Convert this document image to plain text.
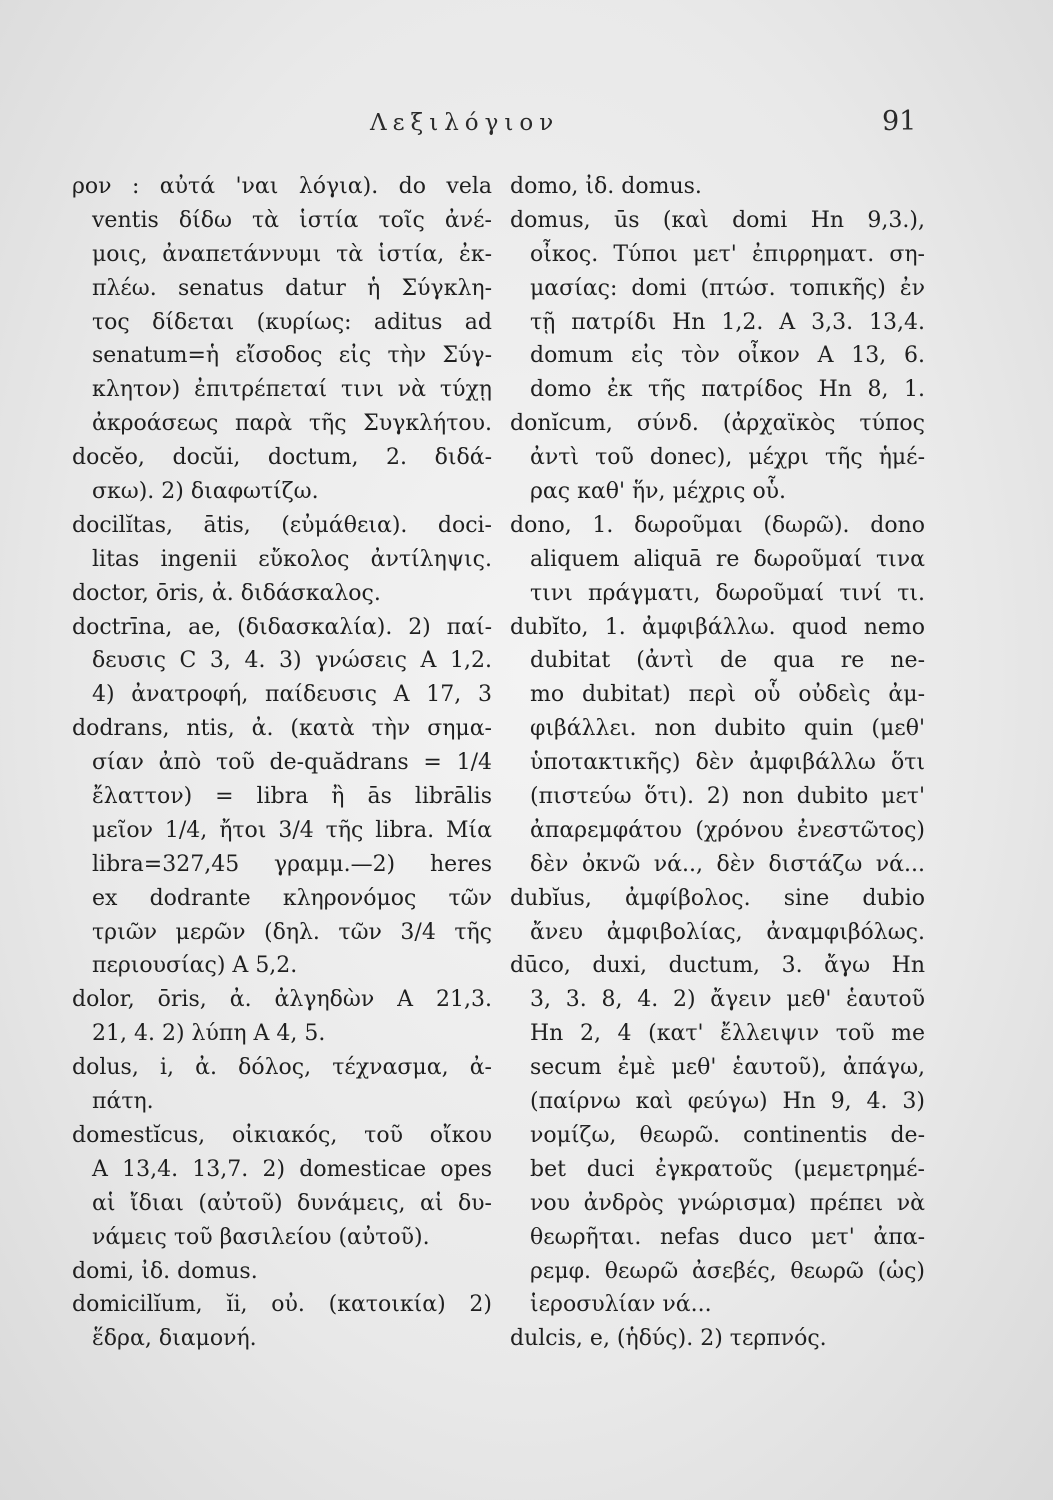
Λεξιλόγιον	91
ρον : αὐτά 'ναι λόγια). do vela
ventis δίδω τὰ ἱστία τοῖς ἀνέ-
μοις, ἀναπετάννυμι τὰ ἱστία, ἐκ-
πλέω. senatus datur ἡ Σύγκλη-
τος δίδεται (κυρίως: aditus ad
senatum=ἡ εἴσοδος εἰς τὴν Σύγ-
κλητον) ἐπιτρέπεταί τινι νὰ τύχῃ
ἀκροάσεως παρὰ τῆς Συγκλήτου.
docĕo, docŭi, doctum, 2. διδά-
σκω). 2) διαφωτίζω.
docilĭtas, ātis, (εὐμάθεια). doci-
litas ingenii εὔκολος ἀντίληψις.
doctor, ōris, ἀ. διδάσκαλος.
doctrīna, ae, (διδασκαλία). 2) παί-
δευσις C 3, 4. 3) γνώσεις A 1,2.
4) ἀνατροφή, παίδευσις A 17, 3
dodrans, ntis, ἀ. (κατὰ τὴν σημα-
σίαν ἀπὸ τοῦ de-quădrans = 1/4
ἔλαττον) = libra ἢ ās librālis
μεῖον 1/4, ἤτοι 3/4 τῆς libra. Μία
libra=327,45 γραμμ.—2) heres
ex dodrante κληρονόμος τῶν
τριῶν μερῶν (δηλ. τῶν 3/4 τῆς
περιουσίας) A 5,2.
dolor, ōris, ἀ. ἀλγηδὼν A 21,3.
21, 4. 2) λύπη A 4, 5.
dolus, i, ἀ. δόλος, τέχνασμα, ἀ-
πάτη.
domestĭcus, οἰκιακός, τοῦ οἴκου
A 13,4. 13,7. 2) domesticae opes
αἱ ἴδιαι (αὐτοῦ) δυνάμεις, αἱ δυ-
νάμεις τοῦ βασιλείου (αὐτοῦ).
domi, ἰδ. domus.
domicilĭum, ĭi, οὐ. (κατοικία) 2)
ἕδρα, διαμονή.
domo, ἰδ. domus.
domus, ūs (καὶ domi Hn 9,3.),
οἶκος. Τύποι μετ' ἐπιρρηματ. ση-
μασίας: domi (πτώσ. τοπικῆς) ἐν
τῇ πατρίδι Hn 1,2. A 3,3. 13,4.
domum εἰς τὸν οἶκον A 13, 6.
domo ἐκ τῆς πατρίδος Hn 8, 1.
donĭcum, σύνδ. (ἀρχαϊκὸς τύπος
ἀντὶ τοῦ donec), μέχρι τῆς ἡμέ-
ρας καθ' ἥν, μέχρις οὗ.
dono, 1. δωροῦμαι (δωρῶ). dono
aliquem aliquā re δωροῦμαί τινα
τινι πράγματι, δωροῦμαί τινί τι.
dubĭto, 1. ἀμφιβάλλω. quod nemo
dubitat (ἀντὶ de qua re ne-
mo dubitat) περὶ οὗ οὐδεὶς ἀμ-
φιβάλλει. non dubito quin (μεθ'
ὑποτακτικῆς) δὲν ἀμφιβάλλω ὅτι
(πιστεύω ὅτι). 2) non dubito μετ'
ἀπαρεμφάτου (χρόνου ἐνεστῶτος)
δὲν ὀκνῶ νά.., δὲν διστάζω νά...
dubĭus, ἀμφίβολος. sine dubio
ἄνευ ἀμφιβολίας, ἀναμφιβόλως.
dūco, duxi, ductum, 3. ἄγω Hn
3, 3. 8, 4. 2) ἄγειν μεθ' ἑαυτοῦ
Hn 2, 4 (κατ' ἔλλειψιν τοῦ me
secum ἐμὲ μεθ' ἑαυτοῦ), ἀπάγω,
(παίρνω καὶ φεύγω) Hn 9, 4. 3)
νομίζω, θεωρῶ. continentis de-
bet duci ἐγκρατοῦς (μεμετρημέ-
νου ἀνδρὸς γνώρισμα) πρέπει νὰ
θεωρῆται. nefas duco μετ' ἀπα-
ρεμφ. θεωρῶ ἀσεβές, θεωρῶ (ὡς)
ἱεροσυλίαν νά...
dulcis, e, (ἡδύς). 2) τερπνός.
